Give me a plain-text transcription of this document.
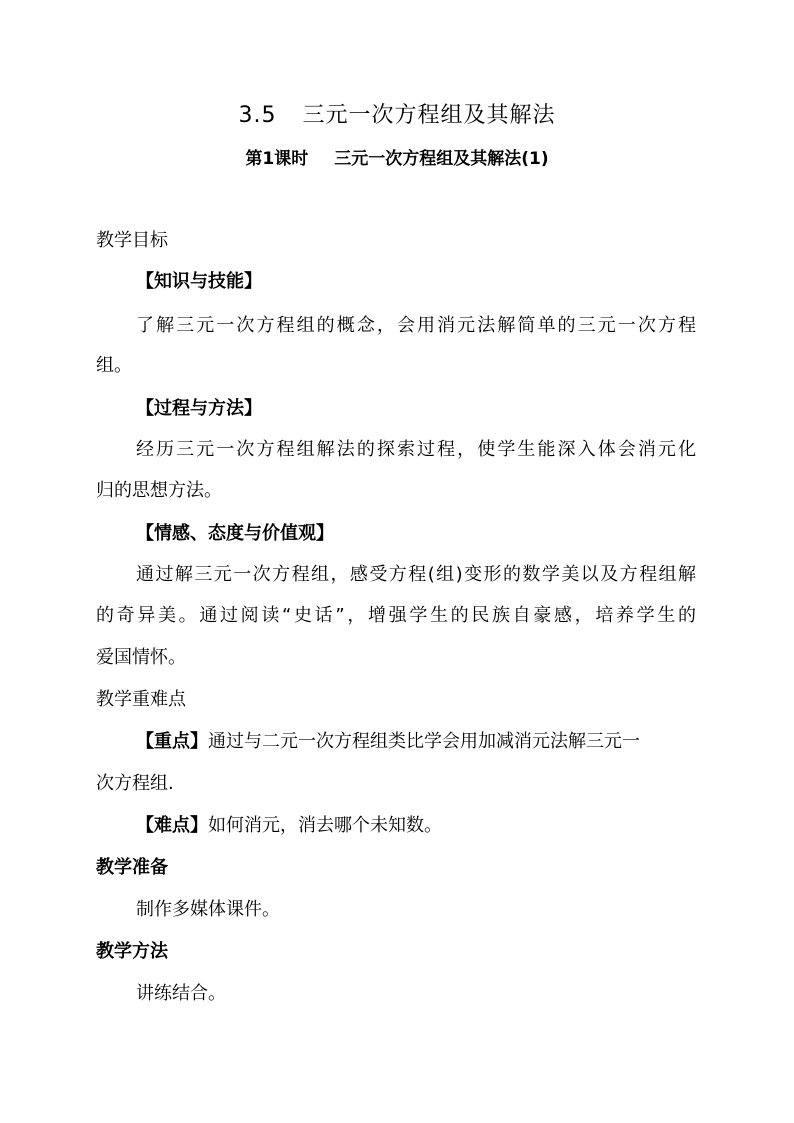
3.5 三元一次方程组及其解法
第1课时 三元一次方程组及其解法(1)
教学目标
【知识与技能】
了解三元一次方程组的概念，会用消元法解简单的三元一次方程
组。
【过程与方法】
经历三元一次方程组解法的探索过程，使学生能深入体会消元化
归的思想方法。
【情感、态度与价值观】
通过解三元一次方程组，感受方程(组)变形的数学美以及方程组解
的奇异美。通过阅读“史话”，增强学生的民族自豪感，培养学生的
爱国情怀。
教学重难点
【重点】通过与二元一次方程组类比学会用加减消元法解三元一
次方程组.
【难点】如何消元，消去哪个未知数。
教学准备
制作多媒体课件。
教学方法
讲练结合。
